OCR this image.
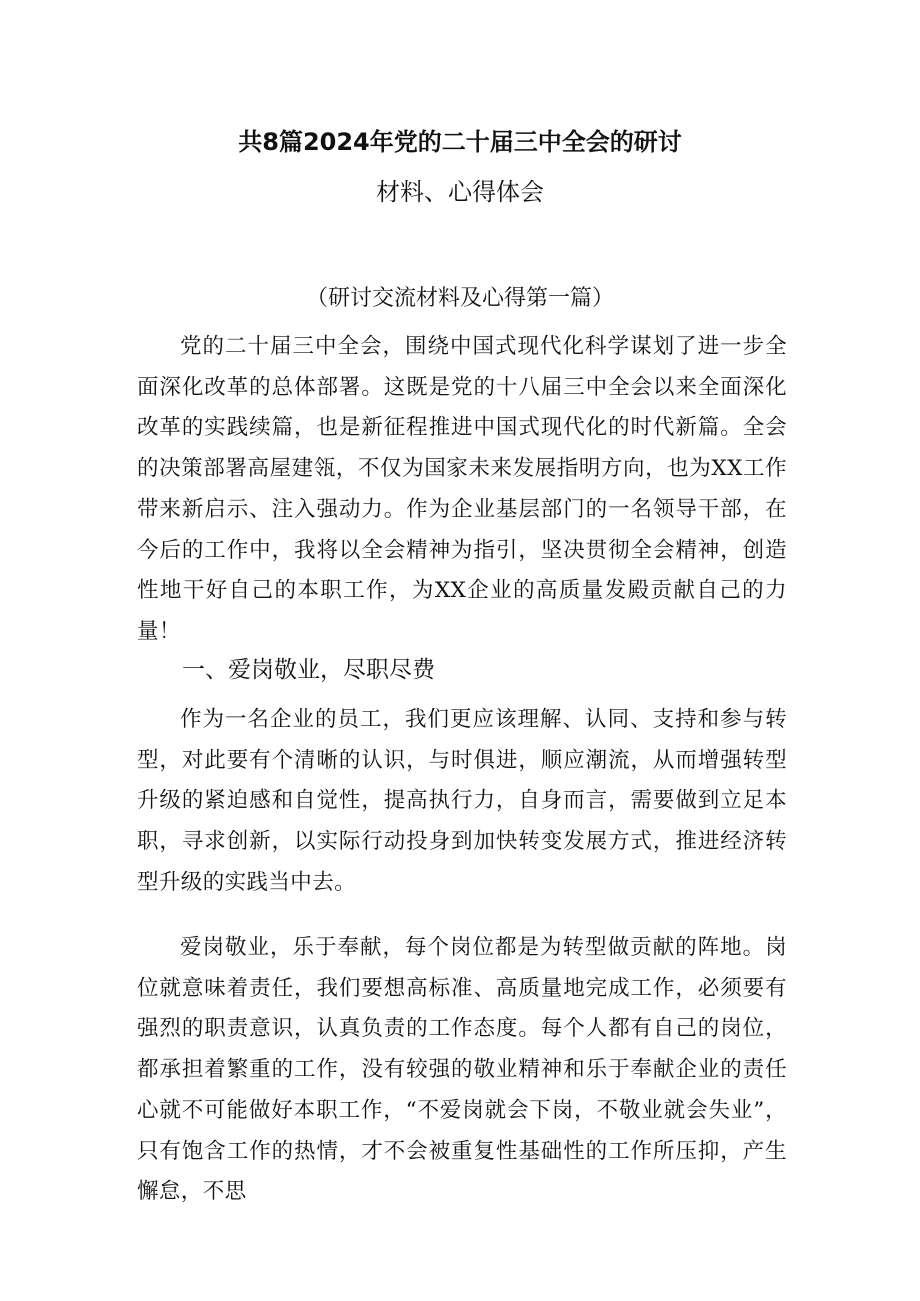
共8篇2024年党的二十届三中全会的研讨
材料、心得体会
（研讨交流材料及心得第一篇）

党的二十届三中全会，围绕中国式现代化科学谋划了进一步全面深化改革的总体部署。这既是党的十八届三中全会以来全面深化改革的实践续篇，也是新征程推进中国式现代化的时代新篇。全会的决策部署高屋建瓴，不仅为国家未来发展指明方向，也为XX工作带来新启示、注入强动力。作为企业基层部门的一名领导干部，在今后的工作中，我将以全会精神为指引，坚决贯彻全会精神，创造性地干好自己的本职工作，为XX企业的高质量发殿贡献自己的力量！

一、爱岗敬业，尽职尽费

作为一名企业的员工，我们更应该理解、认同、支持和参与转型，对此要有个清晰的认识，与时俱进，顺应潮流，从而增强转型升级的紧迫感和自觉性，提高执行力，自身而言，需要做到立足本职，寻求创新，以实际行动投身到加快转变发展方式，推进经济转型升级的实践当中去。

爱岗敬业，乐于奉献，每个岗位都是为转型做贡献的阵地。岗位就意味着责任，我们要想高标准、高质量地完成工作，必须要有强烈的职责意识，认真负责的工作态度。每个人都有自己的岗位，都承担着繁重的工作，没有较强的敬业精神和乐于奉献企业的责任心就不可能做好本职工作，“不爱岗就会下岗，不敬业就会失业”，只有饱含工作的热情，才不会被重复性基础性的工作所压抑，产生懈怠，不思
